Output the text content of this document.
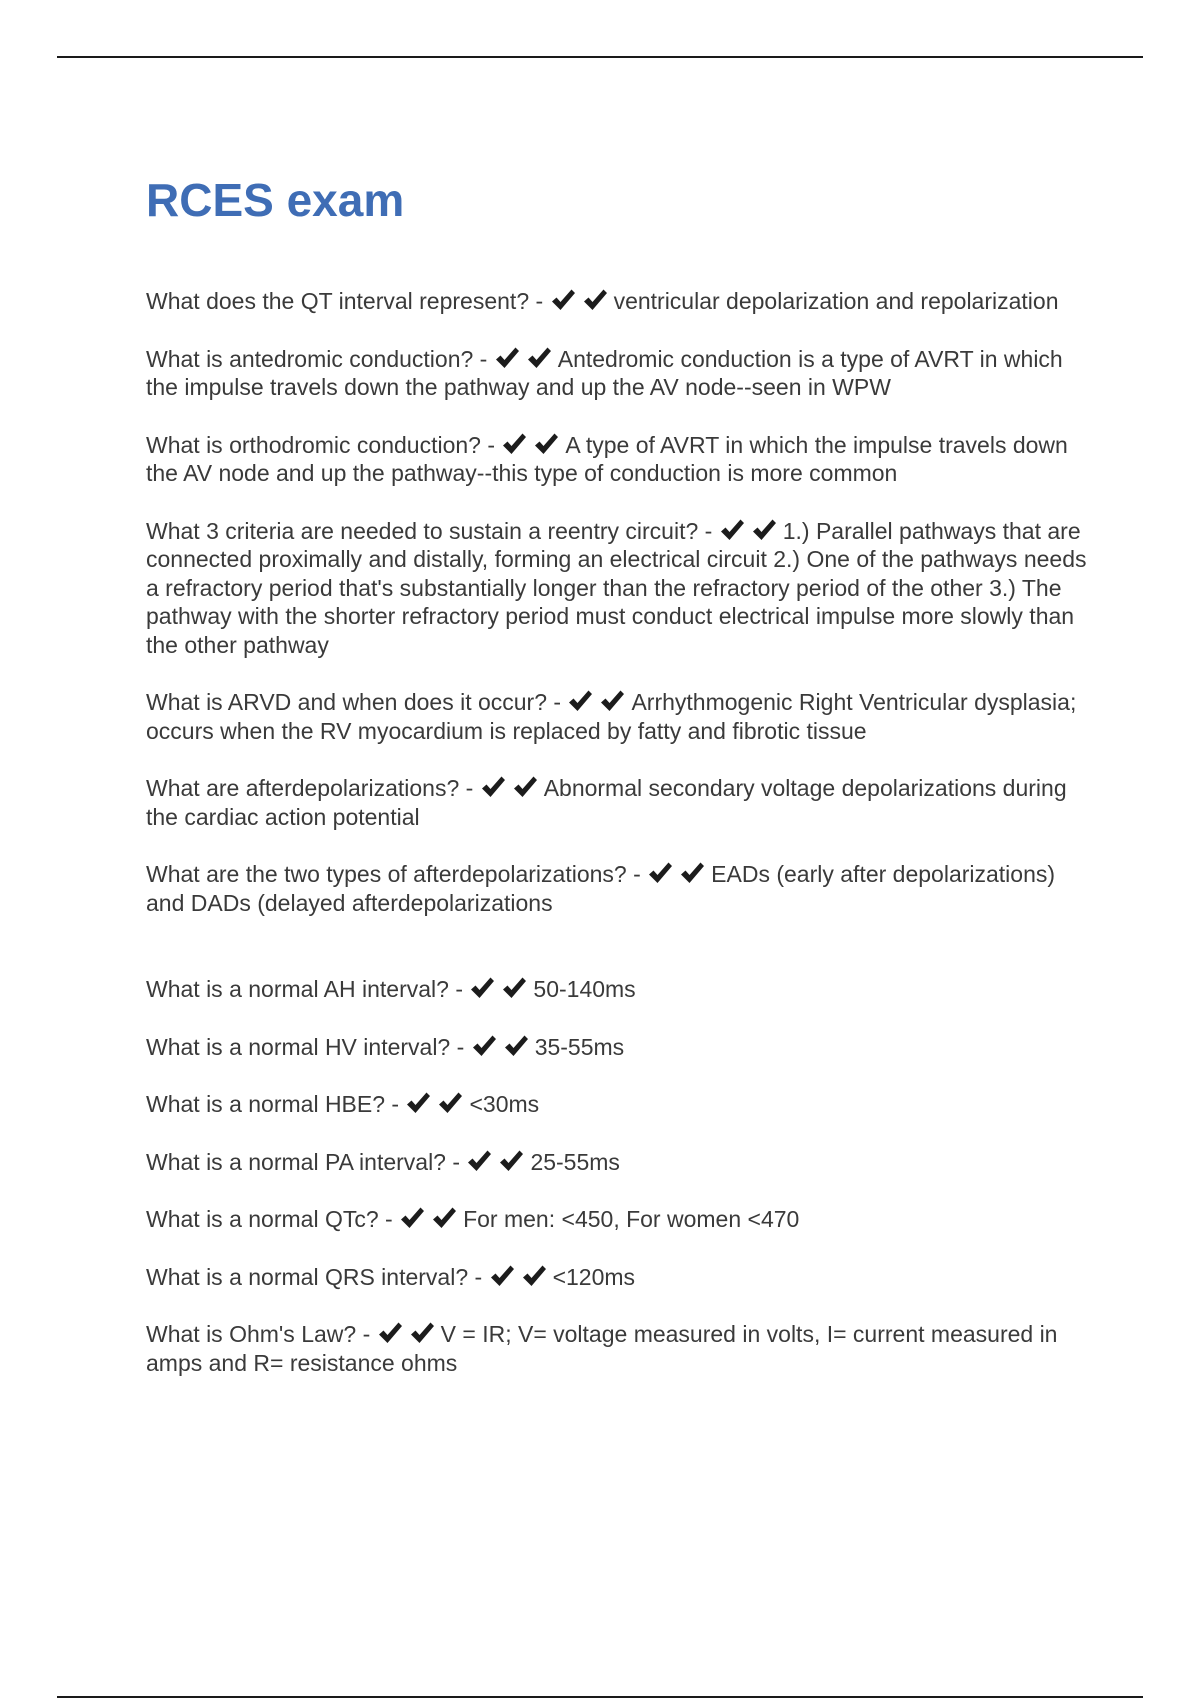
RCES exam

What does the QT interval represent? -	ventricular depolarization and repolarization

What is antedromic conduction? -	Antedromic conduction is a type of AVRT in which the impulse travels down the pathway and up the AV node--seen in WPW

What is orthodromic conduction? -	A type of AVRT in which the impulse travels down the AV node and up the pathway--this type of conduction is more common

What 3 criteria are needed to sustain a reentry circuit? -	1.) Parallel pathways that are connected proximally and distally, forming an electrical circuit 2.) One of the pathways needs a refractory period that's substantially longer than the refractory period of the other 3.) The pathway with the shorter refractory period must conduct electrical impulse more slowly than the other pathway

What is ARVD and when does it occur? -	Arrhythmogenic Right Ventricular dysplasia; occurs when the RV myocardium is replaced by fatty and fibrotic tissue

What are afterdepolarizations? -	Abnormal secondary voltage depolarizations during the cardiac action potential

What are the two types of afterdepolarizations? -	EADs (early after depolarizations) and DADs (delayed afterdepolarizations

What is a normal AH interval? -	50-140ms

What is a normal HV interval? -	35-55ms

What is a normal HBE? -	<30ms

What is a normal PA interval? -	25-55ms

What is a normal QTc? -	For men: <450, For women <470

What is a normal QRS interval? -	<120ms

What is Ohm's Law? -	V = IR; V= voltage measured in volts, I= current measured in amps and R= resistance ohms
